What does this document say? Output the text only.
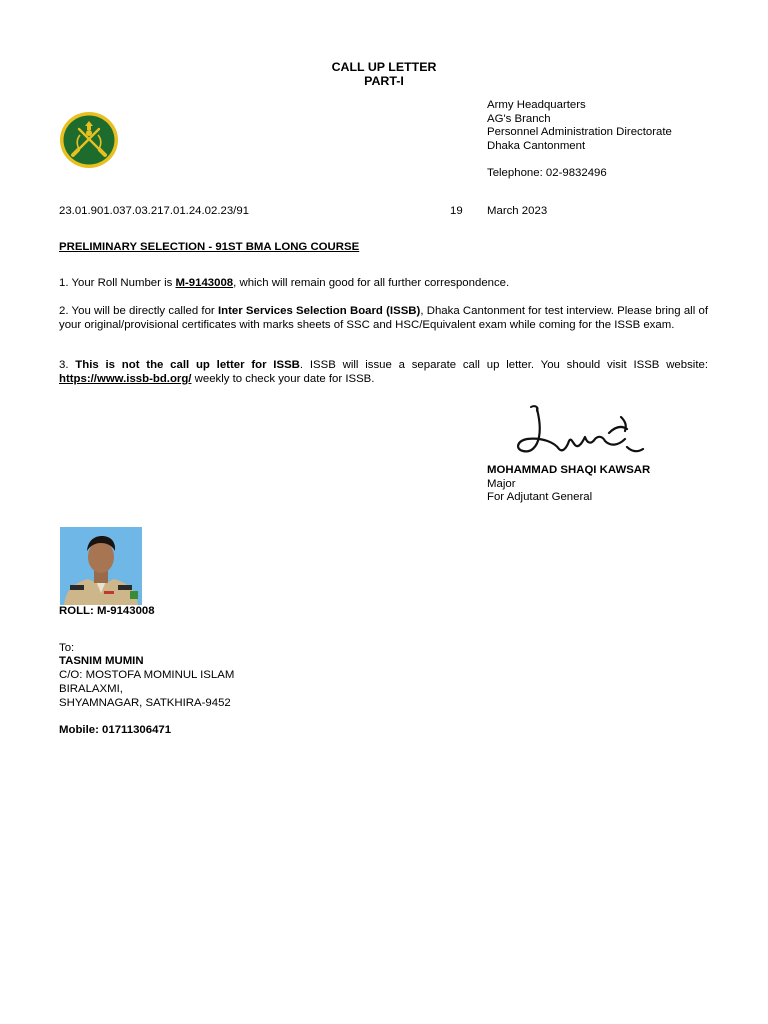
CALL UP LETTER
PART-I
Army Headquarters
AG's Branch
Personnel Administration Directorate
Dhaka Cantonment
Telephone: 02-9832496
23.01.901.037.03.217.01.24.02.23/91	19 March 2023
PRELIMINARY SELECTION - 91ST BMA LONG COURSE
1. Your Roll Number is M-9143008, which will remain good for all further correspondence.
2. You will be directly called for Inter Services Selection Board (ISSB), Dhaka Cantonment for test interview. Please bring all of your original/provisional certificates with marks sheets of SSC and HSC/Equivalent exam while coming for the ISSB exam.
3. This is not the call up letter for ISSB. ISSB will issue a separate call up letter. You should visit ISSB website: https://www.issb-bd.org/ weekly to check your date for ISSB.
MOHAMMAD SHAQI KAWSAR
Major
For Adjutant General
ROLL: M-9143008
To:
TASNIM MUMIN
C/O: MOSTOFA MOMINUL ISLAM
BIRALAXMI,
SHYAMNAGAR, SATKHIRA-9452
Mobile: 01711306471
